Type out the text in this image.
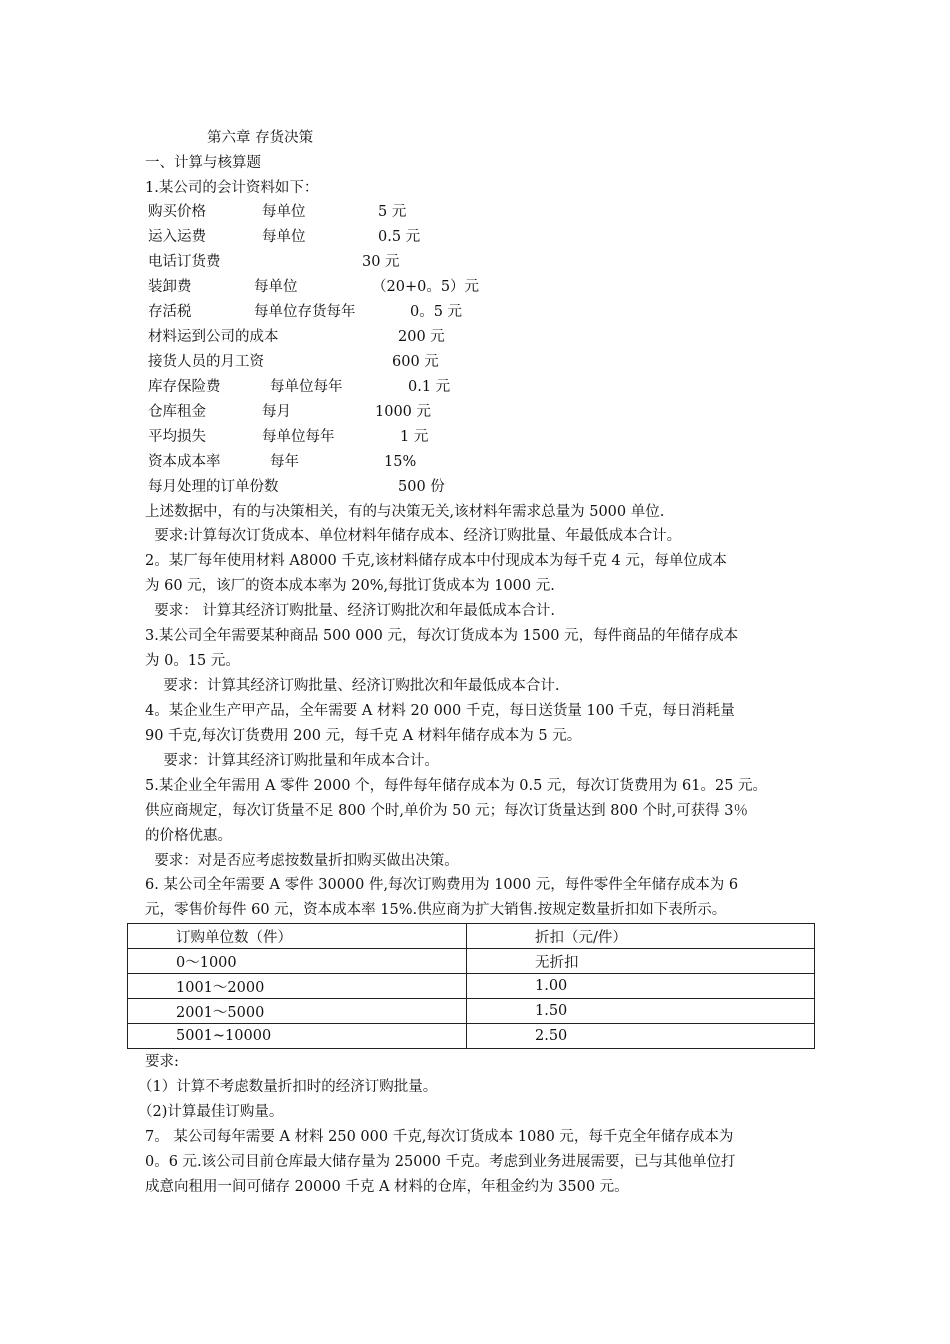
第六章 存货决策
一、计算与核算题
1.某公司的会计资料如下：
购买价格	每单位	5 元
运入运费	每单位	0.5 元
电话订货费	30 元
装卸费	每单位	（20+0。5）元
存活税	每单位存货每年	0。5 元
材料运到公司的成本	200 元
接货人员的月工资	600 元
库存保险费	每单位每年	0.1 元
仓库租金	每月	1000 元
平均损失	每单位每年	1 元
资本成本率	每年	15%
每月处理的订单份数	500 份
上述数据中，有的与决策相关，有的与决策无关,该材料年需求总量为 5000 单位.
要求:计算每次订货成本、单位材料年储存成本、经济订购批量、年最低成本合计。
2。某厂每年使用材料 A8000 千克,该材料储存成本中付现成本为每千克 4 元，每单位成本
为 60 元，该厂的资本成本率为 20%,每批订货成本为 1000 元.
要求： 计算其经济订购批量、经济订购批次和年最低成本合计.
3.某公司全年需要某种商品 500 000 元，每次订货成本为 1500 元，每件商品的年储存成本
为 0。15 元。
要求：计算其经济订购批量、经济订购批次和年最低成本合计.
4。某企业生产甲产品，全年需要 A 材料 20 000 千克，每日送货量 100 千克，每日消耗量
90 千克,每次订货费用 200 元，每千克 A 材料年储存成本为 5 元。
要求：计算其经济订购批量和年成本合计。
5.某企业全年需用 A 零件 2000 个，每件每年储存成本为 0.5 元，每次订货费用为 61。25 元。
供应商规定，每次订货量不足 800 个时,单价为 50 元；每次订货量达到 800 个时,可获得 3％
的价格优惠。
要求：对是否应考虑按数量折扣购买做出决策。
6. 某公司全年需要 A 零件 30000 件,每次订购费用为 1000 元，每件零件全年储存成本为 6
元，零售价每件 60 元，资本成本率 15%.供应商为扩大销售.按规定数量折扣如下表所示。
订购单位数（件）	折扣（元/件）
0～1000	无折扣
1001～2000	1.00
2001～5000	1.50
5001~10000	2.50
要求:
（1）计算不考虑数量折扣时的经济订购批量。
（2)计算最佳订购量。
7。 某公司每年需要 A 材料 250 000 千克,每次订货成本 1080 元，每千克全年储存成本为
0。6 元.该公司目前仓库最大储存量为 25000 千克。考虑到业务进展需要，已与其他单位打
成意向租用一间可储存 20000 千克 A 材料的仓库，年租金约为 3500 元。
